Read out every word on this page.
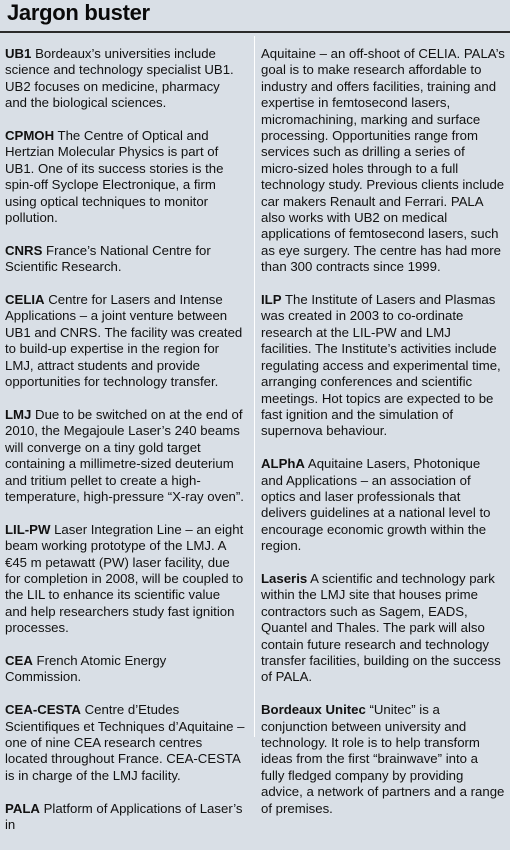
Jargon buster

UB1 Bordeaux’s universities include science and technology specialist UB1. UB2 focuses on medicine, pharmacy and the biological sciences.

CPMOH The Centre of Optical and Hertzian Molecular Physics is part of UB1. One of its success stories is the spin-off Syclope Electronique, a firm using optical techniques to monitor pollution.

CNRS France’s National Centre for Scientific Research.

CELIA Centre for Lasers and Intense Applications – a joint venture between UB1 and CNRS. The facility was created to build-up expertise in the region for LMJ, attract students and provide opportunities for technology transfer.

LMJ Due to be switched on at the end of 2010, the Megajoule Laser’s 240 beams will converge on a tiny gold target containing a millimetre-sized deuterium and tritium pellet to create a high-temperature, high-pressure “X-ray oven”.

LIL-PW Laser Integration Line – an eight beam working prototype of the LMJ. A €45 m petawatt (PW) laser facility, due for completion in 2008, will be coupled to the LIL to enhance its scientific value and help researchers study fast ignition processes.

CEA French Atomic Energy Commission.

CEA-CESTA Centre d’Etudes Scientifiques et Techniques d’Aquitaine – one of nine CEA research centres located throughout France. CEA-CESTA is in charge of the LMJ facility.

PALA Platform of Applications of Laser’s in

Aquitaine – an off-shoot of CELIA. PALA’s goal is to make research affordable to industry and offers facilities, training and expertise in femtosecond lasers, micromachining, marking and surface processing. Opportunities range from services such as drilling a series of micro-sized holes through to a full technology study. Previous clients include car makers Renault and Ferrari. PALA also works with UB2 on medical applications of femtosecond lasers, such as eye surgery. The centre has had more than 300 contracts since 1999.

ILP The Institute of Lasers and Plasmas was created in 2003 to co-ordinate research at the LIL-PW and LMJ facilities. The Institute’s activities include regulating access and experimental time, arranging conferences and scientific meetings. Hot topics are expected to be fast ignition and the simulation of supernova behaviour.

ALPhA Aquitaine Lasers, Photonique and Applications – an association of optics and laser professionals that delivers guidelines at a national level to encourage economic growth within the region.

Laseris A scientific and technology park within the LMJ site that houses prime contractors such as Sagem, EADS, Quantel and Thales. The park will also contain future research and technology transfer facilities, building on the success of PALA.

Bordeaux Unitec “Unitec” is a conjunction between university and technology. It role is to help transform ideas from the first “brainwave” into a fully fledged company by providing advice, a network of partners and a range of premises.
